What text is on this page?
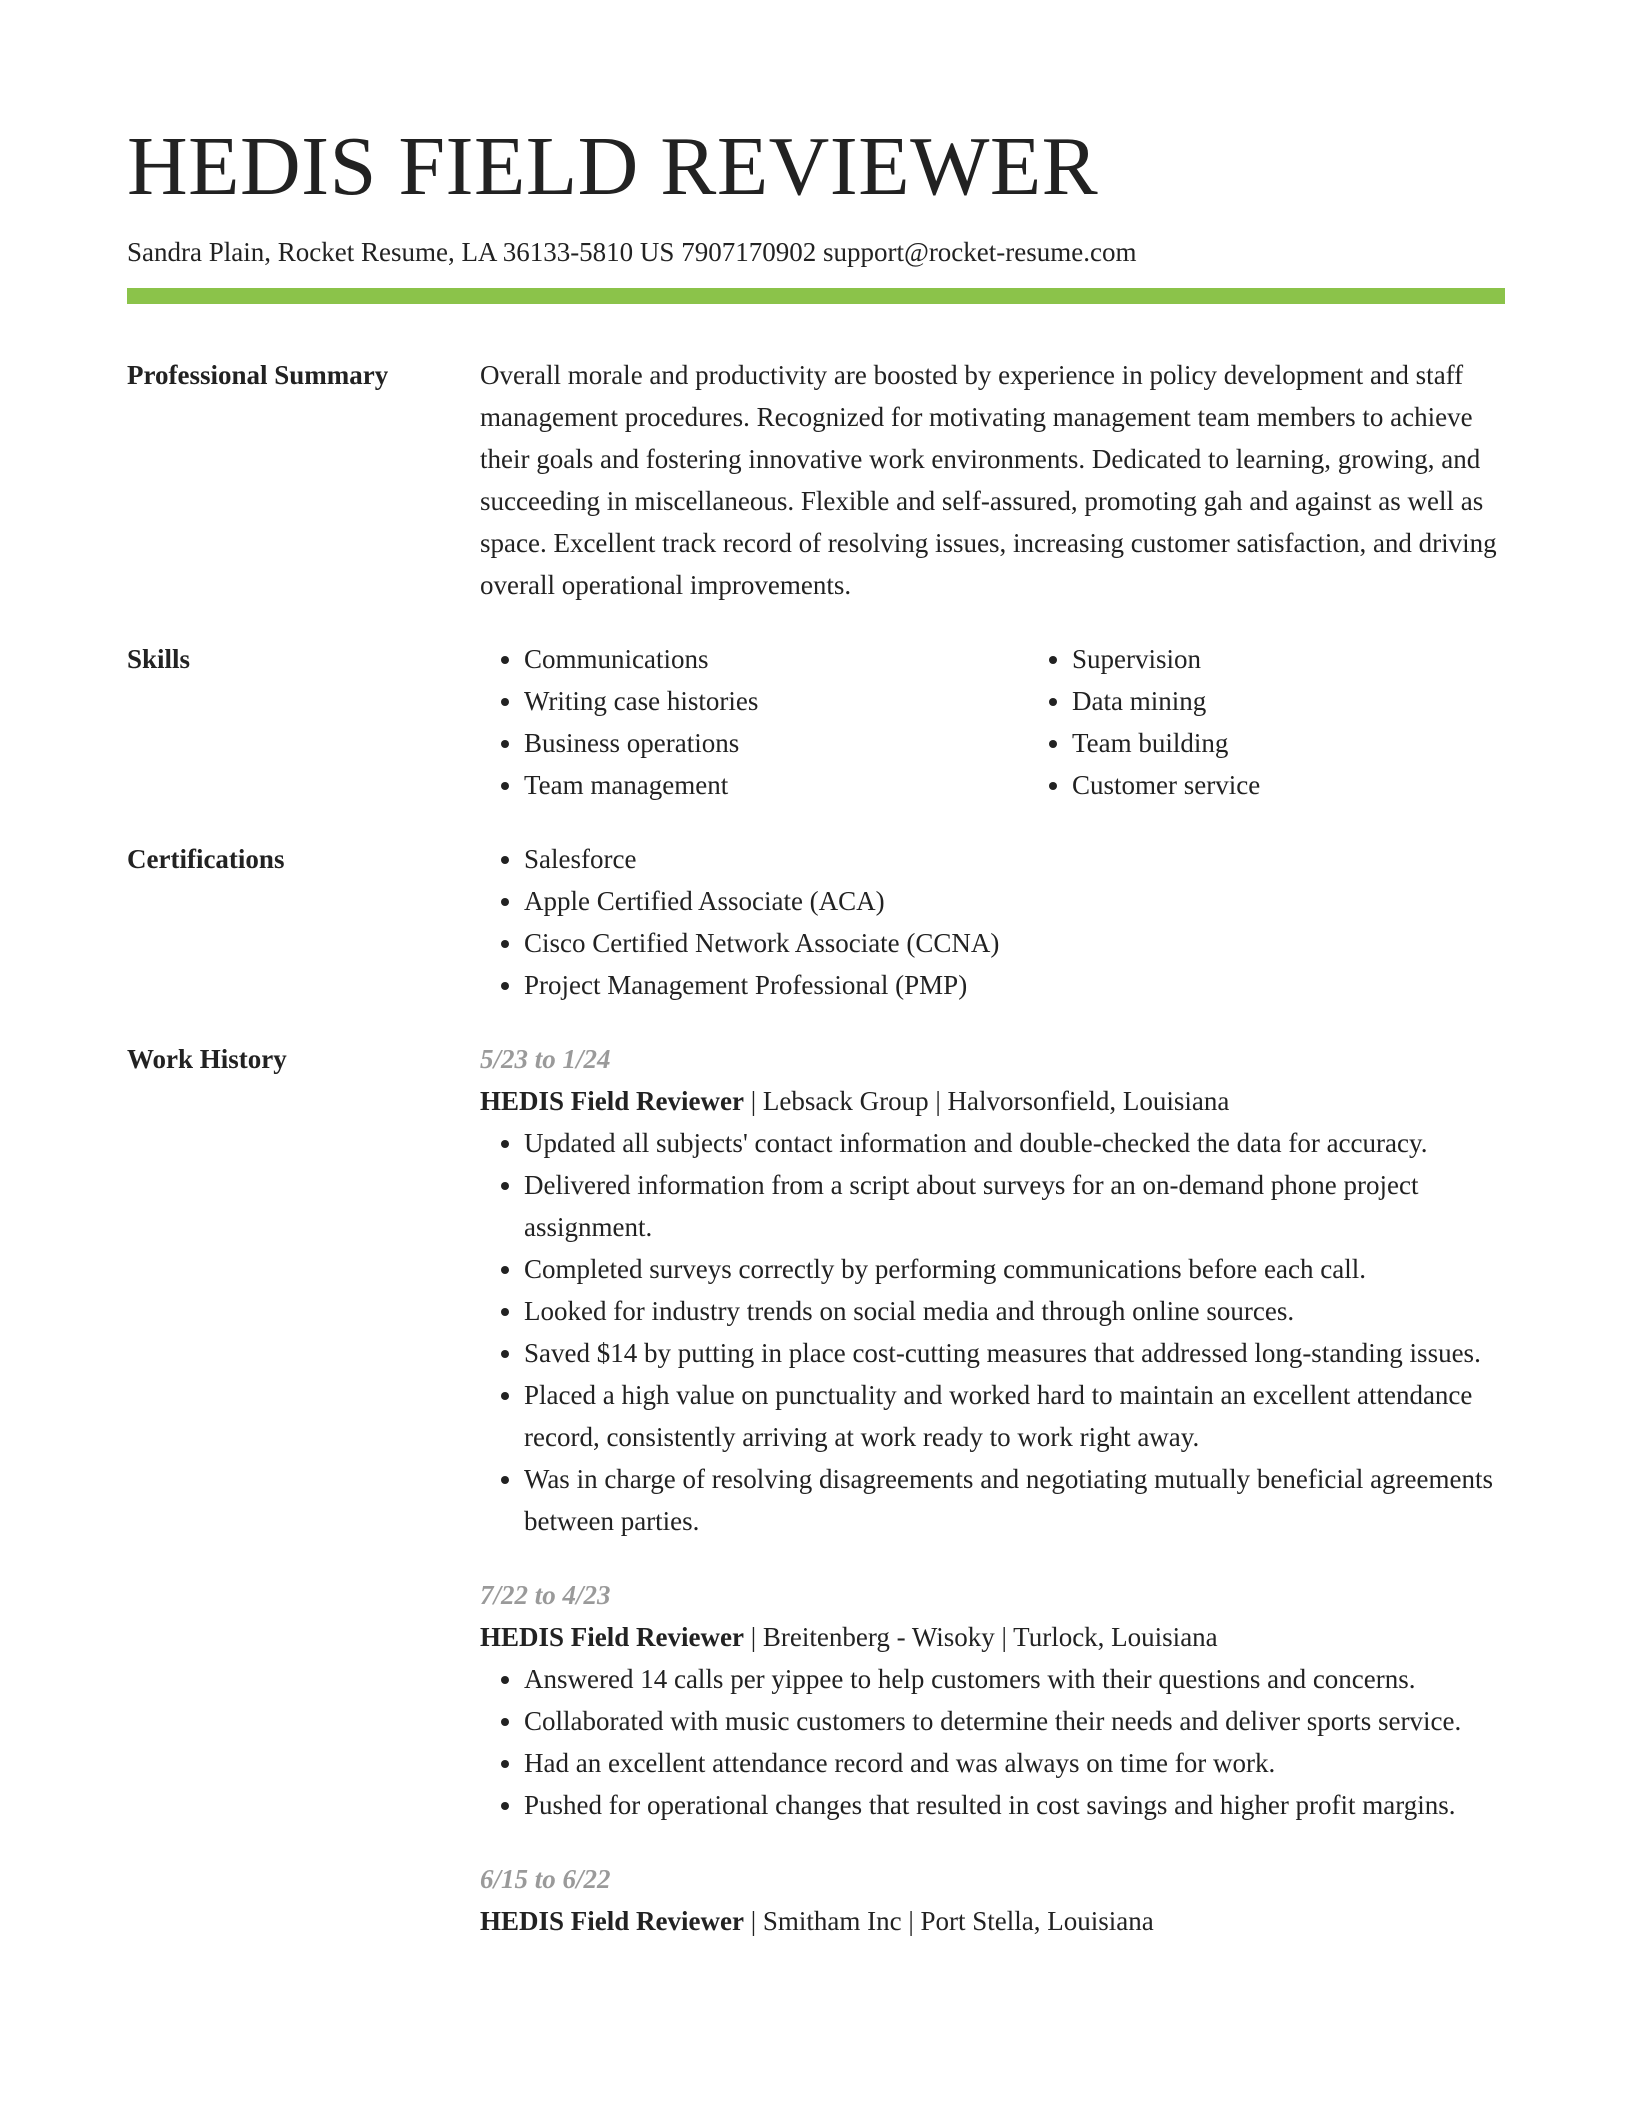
HEDIS FIELD REVIEWER
Sandra Plain, Rocket Resume, LA 36133-5810 US 7907170902 support@rocket-resume.com
Professional Summary	Overall morale and productivity are boosted by experience in policy development and staff management procedures. Recognized for motivating management team members to achieve their goals and fostering innovative work environments. Dedicated to learning, growing, and succeeding in miscellaneous. Flexible and self-assured, promoting gah and against as well as space. Excellent track record of resolving issues, increasing customer satisfaction, and driving overall operational improvements.
Skills	• Communications
• Writing case histories
• Business operations
• Team management
• Supervision
• Data mining
• Team building
• Customer service
Certifications	• Salesforce
• Apple Certified Associate (ACA)
• Cisco Certified Network Associate (CCNA)
• Project Management Professional (PMP)
Work History	5/23 to 1/24
HEDIS Field Reviewer | Lebsack Group | Halvorsonfield, Louisiana
• Updated all subjects' contact information and double-checked the data for accuracy.
• Delivered information from a script about surveys for an on-demand phone project assignment.
• Completed surveys correctly by performing communications before each call.
• Looked for industry trends on social media and through online sources.
• Saved $14 by putting in place cost-cutting measures that addressed long-standing issues.
• Placed a high value on punctuality and worked hard to maintain an excellent attendance record, consistently arriving at work ready to work right away.
• Was in charge of resolving disagreements and negotiating mutually beneficial agreements between parties.
7/22 to 4/23
HEDIS Field Reviewer | Breitenberg - Wisoky | Turlock, Louisiana
• Answered 14 calls per yippee to help customers with their questions and concerns.
• Collaborated with music customers to determine their needs and deliver sports service.
• Had an excellent attendance record and was always on time for work.
• Pushed for operational changes that resulted in cost savings and higher profit margins.
6/15 to 6/22
HEDIS Field Reviewer | Smitham Inc | Port Stella, Louisiana
